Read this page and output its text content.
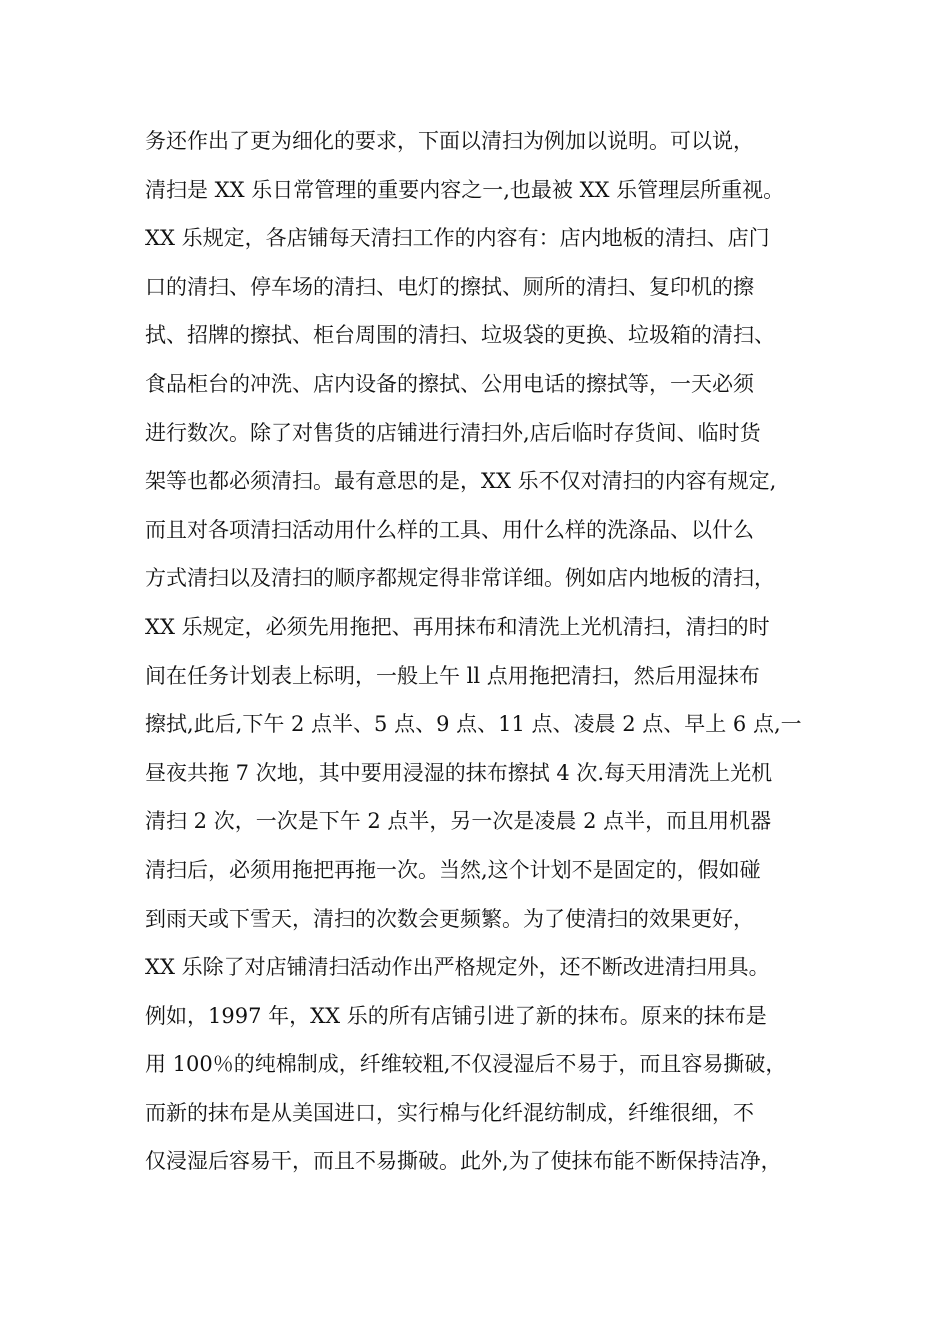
务还作出了更为细化的要求，下面以清扫为例加以说明。可以说，
清扫是 XX 乐日常管理的重要内容之一,也最被 XX 乐管理层所重视。
XX 乐规定，各店铺每天清扫工作的内容有：店内地板的清扫、店门
口的清扫、停车场的清扫、电灯的擦拭、厕所的清扫、复印机的擦
拭、招牌的擦拭、柜台周围的清扫、垃圾袋的更换、垃圾箱的清扫、
食品柜台的冲洗、店内设备的擦拭、公用电话的擦拭等，一天必须
进行数次。除了对售货的店铺进行清扫外,店后临时存货间、临时货
架等也都必须清扫。最有意思的是，XX 乐不仅对清扫的内容有规定,
而且对各项清扫活动用什么样的工具、用什么样的洗涤品、以什么
方式清扫以及清扫的顺序都规定得非常详细。例如店内地板的清扫，
XX 乐规定，必须先用拖把、再用抹布和清洗上光机清扫，清扫的时
间在任务计划表上标明，一般上午 ll 点用拖把清扫，然后用湿抹布
擦拭,此后,下午 2 点半、5 点、9 点、11 点、凌晨 2 点、早上 6 点,一
昼夜共拖 7 次地，其中要用浸湿的抹布擦拭 4 次.每天用清洗上光机
清扫 2 次，一次是下午 2 点半，另一次是凌晨 2 点半，而且用机器
清扫后，必须用拖把再拖一次。当然,这个计划不是固定的，假如碰
到雨天或下雪天，清扫的次数会更频繁。为了使清扫的效果更好，
XX 乐除了对店铺清扫活动作出严格规定外，还不断改进清扫用具。
例如，1997 年，XX 乐的所有店铺引进了新的抹布。原来的抹布是
用 100％的纯棉制成，纤维较粗,不仅浸湿后不易于，而且容易撕破，
而新的抹布是从美国进口，实行棉与化纤混纺制成，纤维很细，不
仅浸湿后容易干，而且不易撕破。此外,为了使抹布能不断保持洁净，
